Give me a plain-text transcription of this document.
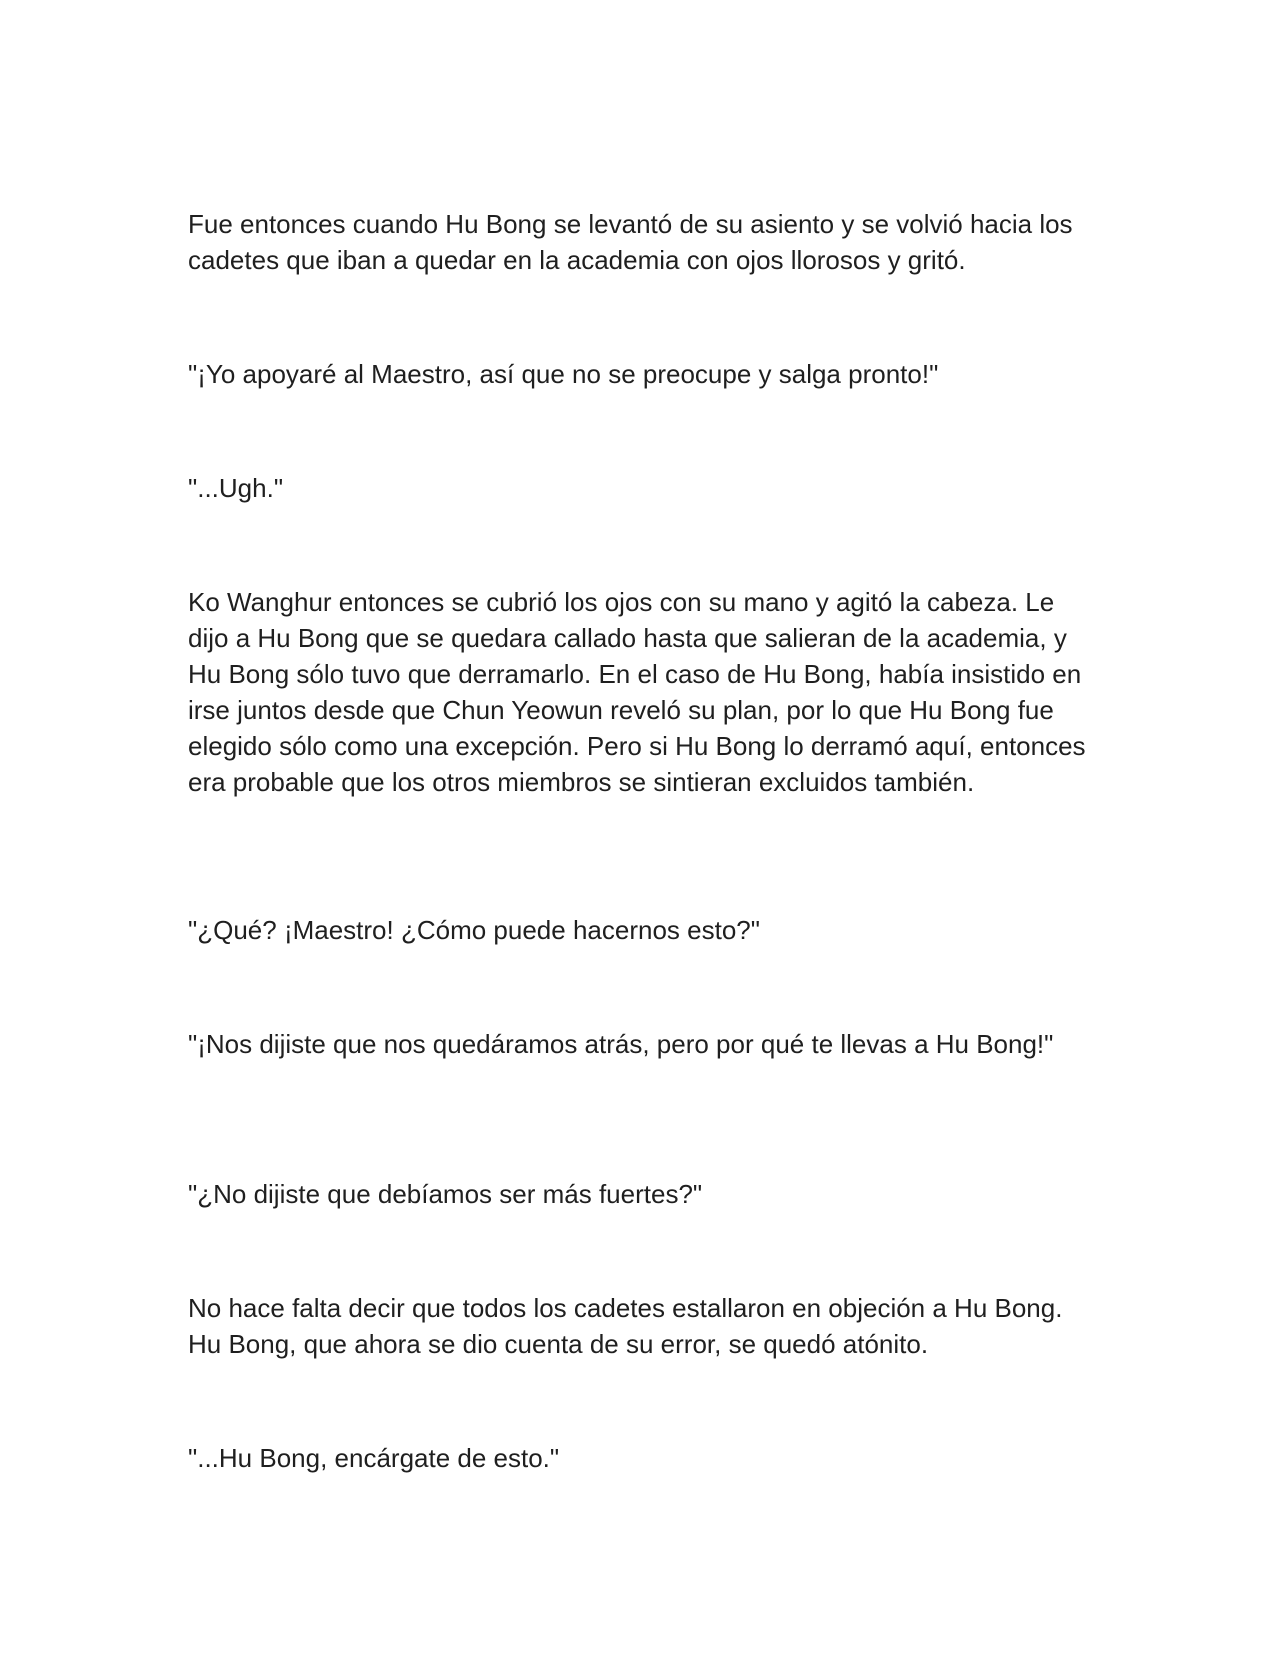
Fue entonces cuando Hu Bong se levantó de su asiento y se volvió hacia los cadetes que iban a quedar en la academia con ojos llorosos y gritó.

"¡Yo apoyaré al Maestro, así que no se preocupe y salga pronto!"

"...Ugh."

Ko Wanghur entonces se cubrió los ojos con su mano y agitó la cabeza. Le dijo a Hu Bong que se quedara callado hasta que salieran de la academia, y Hu Bong sólo tuvo que derramarlo. En el caso de Hu Bong, había insistido en irse juntos desde que Chun Yeowun reveló su plan, por lo que Hu Bong fue elegido sólo como una excepción. Pero si Hu Bong lo derramó aquí, entonces era probable que los otros miembros se sintieran excluidos también.

"¿Qué? ¡Maestro! ¿Cómo puede hacernos esto?"

"¡Nos dijiste que nos quedáramos atrás, pero por qué te llevas a Hu Bong!"

"¿No dijiste que debíamos ser más fuertes?"

No hace falta decir que todos los cadetes estallaron en objeción a Hu Bong. Hu Bong, que ahora se dio cuenta de su error, se quedó atónito.

"...Hu Bong, encárgate de esto."
